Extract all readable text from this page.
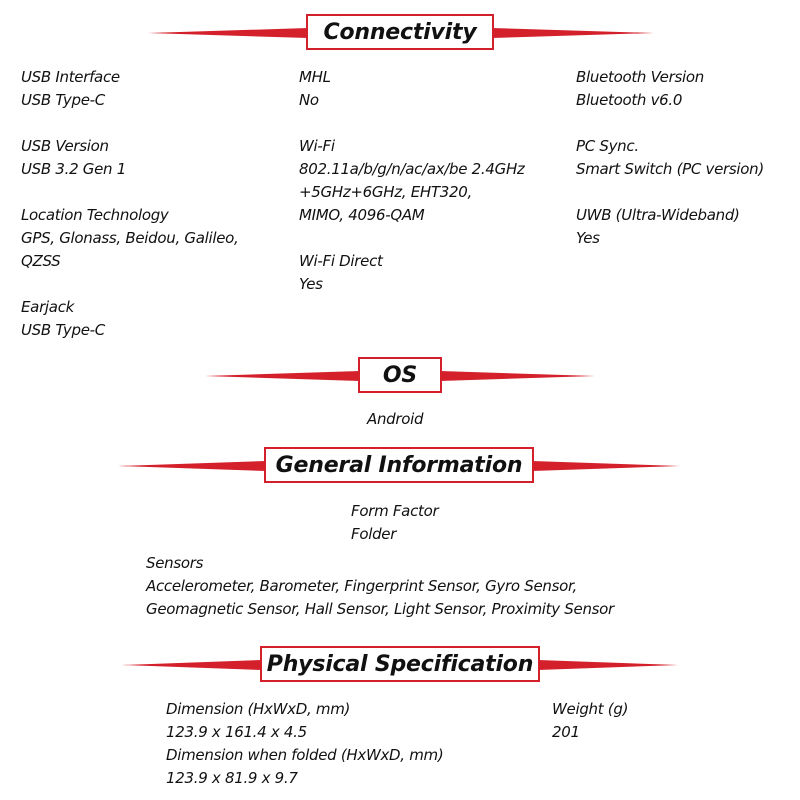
Connectivity
USB Interface
USB Type-C
USB Version
USB 3.2 Gen 1
Location Technology
GPS, Glonass, Beidou, Galileo,
QZSS
Earjack
USB Type-C
MHL
No
Wi-Fi
802.11a/b/g/n/ac/ax/be 2.4GHz
+5GHz+6GHz, EHT320,
MIMO, 4096-QAM
Wi-Fi Direct
Yes
Bluetooth Version
Bluetooth v6.0
PC Sync.
Smart Switch (PC version)
UWB (Ultra-Wideband)
Yes
OS
Android
General Information
Form Factor
Folder
Sensors
Accelerometer, Barometer, Fingerprint Sensor, Gyro Sensor,
Geomagnetic Sensor, Hall Sensor, Light Sensor, Proximity Sensor
Physical Specification
Dimension (HxWxD, mm)
123.9 x 161.4 x 4.5
Dimension when folded (HxWxD, mm)
123.9 x 81.9 x 9.7
Weight (g)
201
